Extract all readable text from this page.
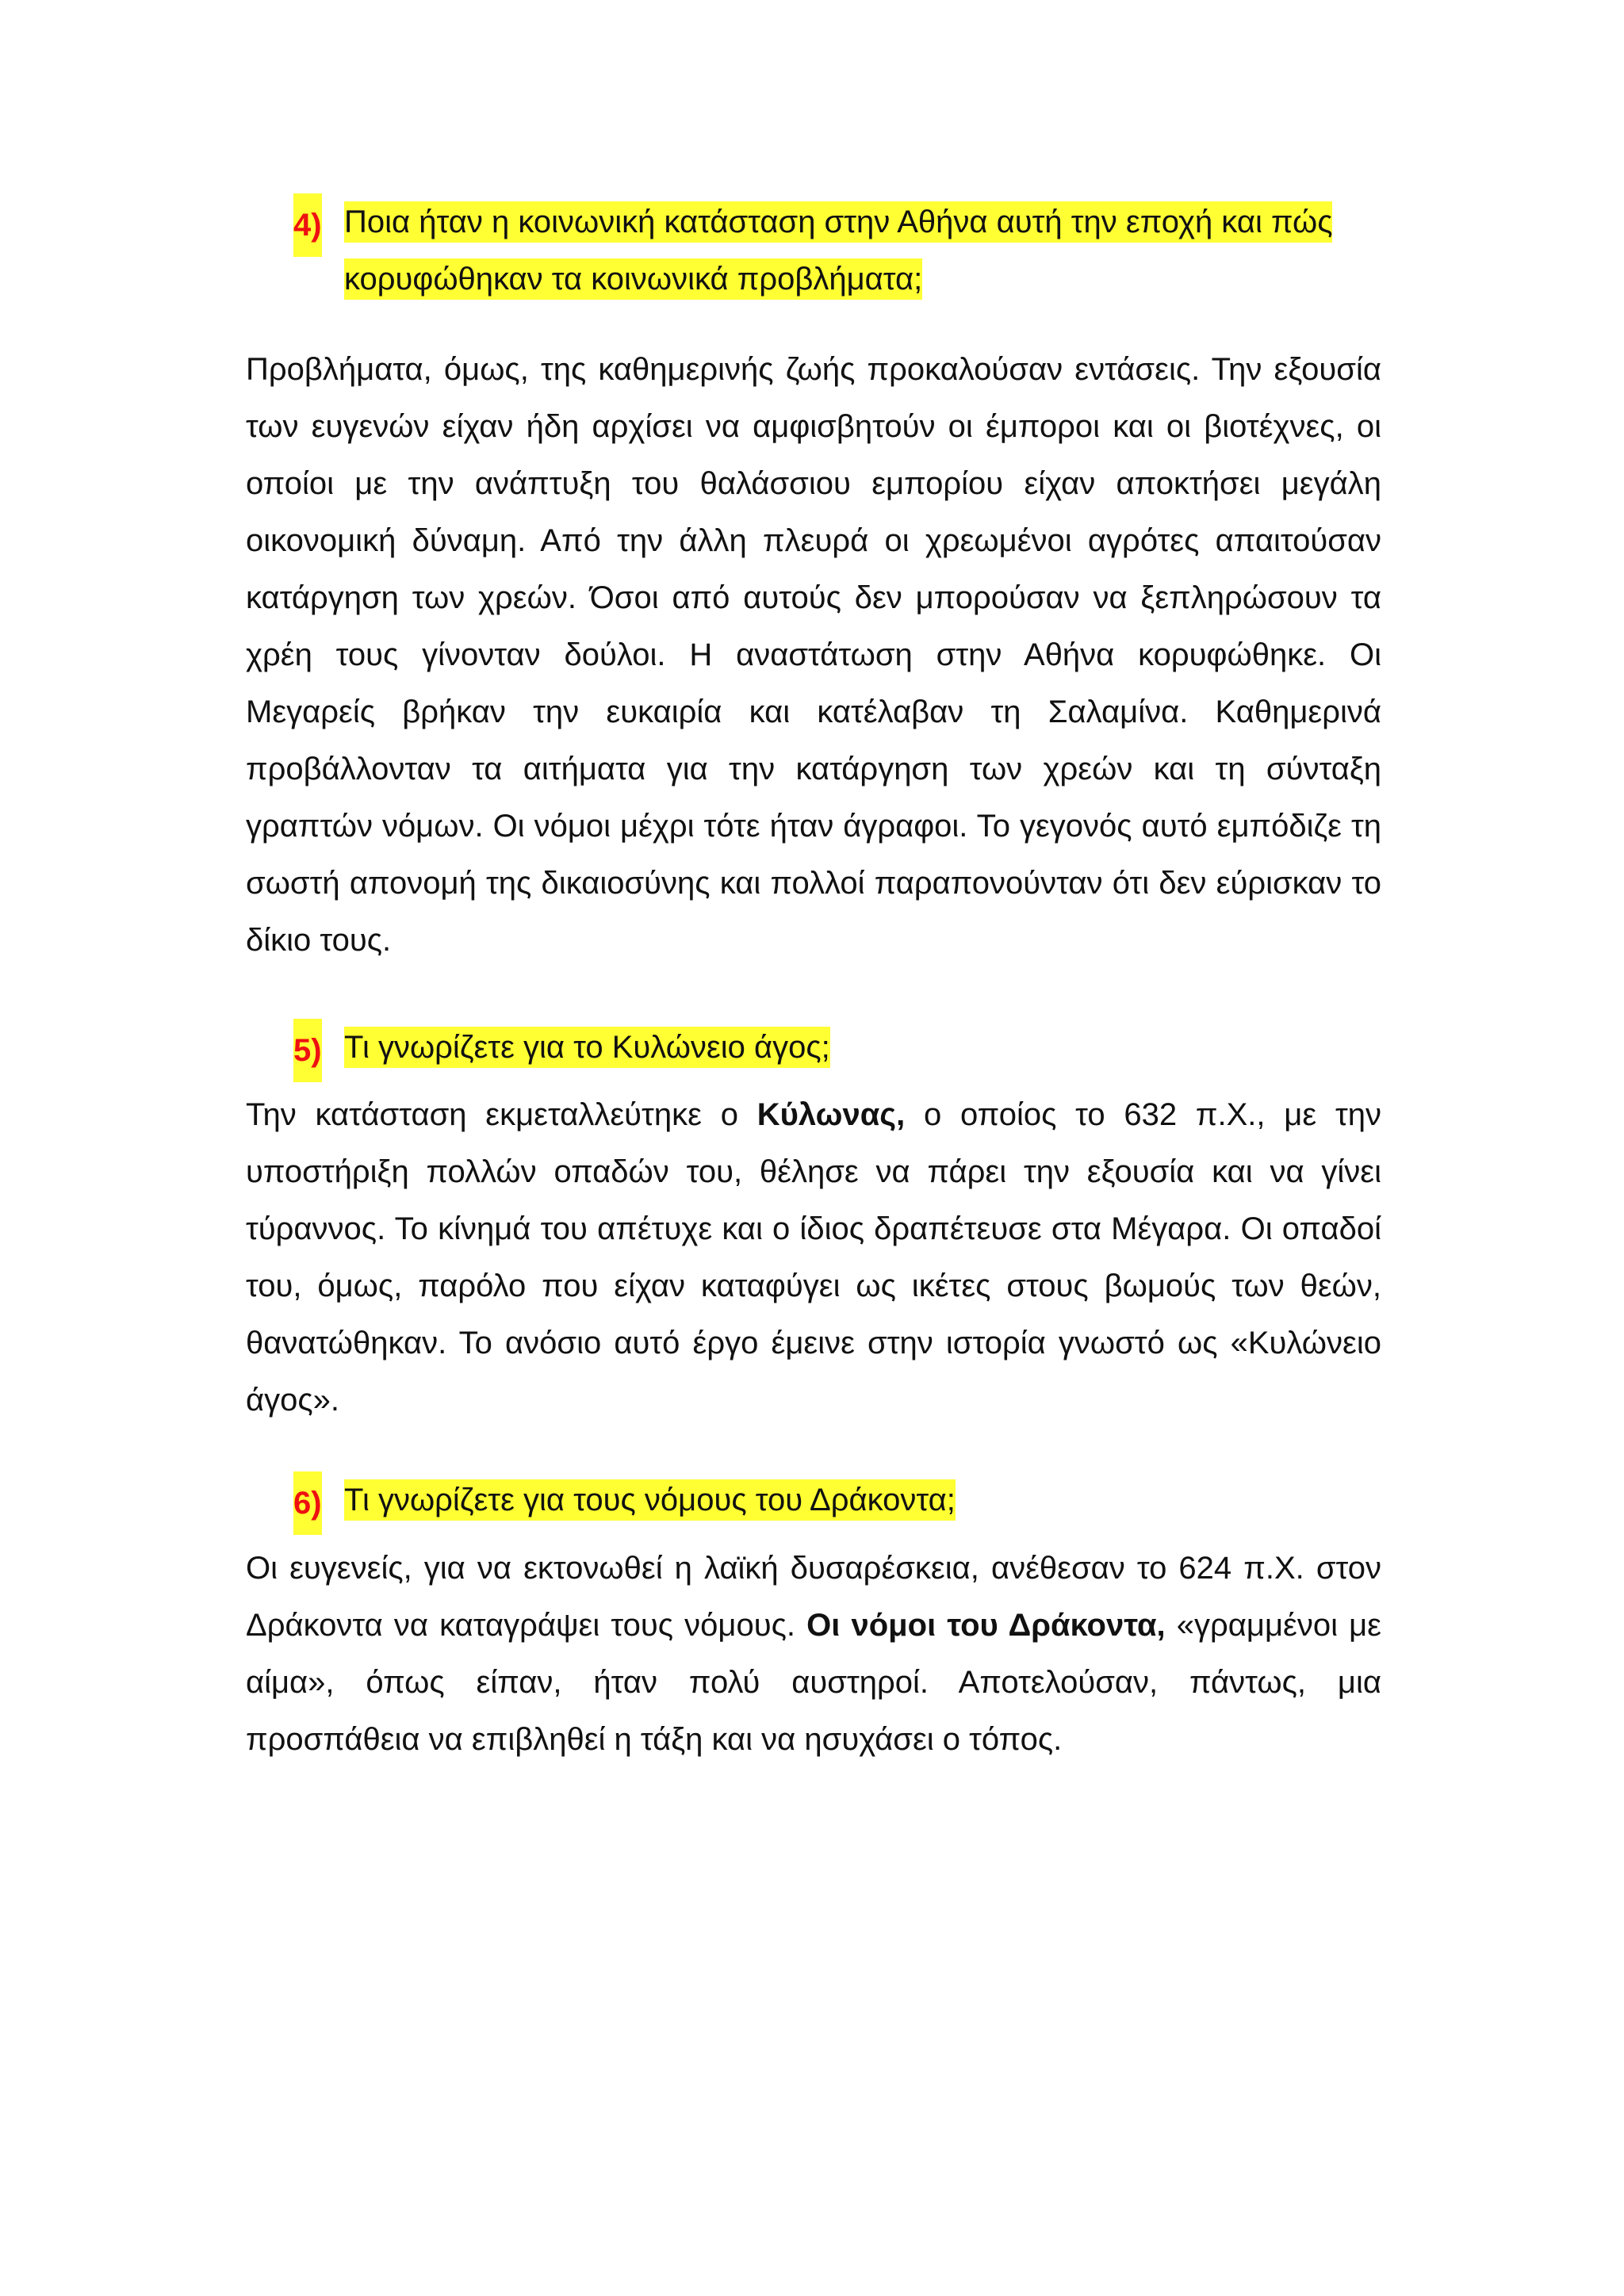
4) Ποια ήταν η κοινωνική κατάσταση στην Αθήνα αυτή την εποχή και πώς κορυφώθηκαν τα κοινωνικά προβλήματα;

Προβλήματα, όμως, της καθημερινής ζωής προκαλούσαν εντάσεις. Την εξουσία των ευγενών είχαν ήδη αρχίσει να αμφισβητούν οι έμποροι και οι βιοτέχνες, οι οποίοι με την ανάπτυξη του θαλάσσιου εμπορίου είχαν αποκτήσει μεγάλη οικονομική δύναμη. Από την άλλη πλευρά οι χρεωμένοι αγρότες απαιτούσαν κατάργηση των χρεών. Όσοι από αυτούς δεν μπορούσαν να ξεπληρώσουν τα χρέη τους γίνονταν δούλοι. Η αναστάτωση στην Αθήνα κορυφώθηκε. Οι Μεγαρείς βρήκαν την ευκαιρία και κατέλαβαν τη Σαλαμίνα. Καθημερινά προβάλλονταν τα αιτήματα για την κατάργηση των χρεών και τη σύνταξη γραπτών νόμων. Οι νόμοι μέχρι τότε ήταν άγραφοι. Το γεγονός αυτό εμπόδιζε τη σωστή απονομή της δικαιοσύνης και πολλοί παραπονούνταν ότι δεν εύρισκαν το δίκιο τους.

5) Τι γνωρίζετε για το Κυλώνειο άγος;

Την κατάσταση εκμεταλλεύτηκε ο Κύλωνας, ο οποίος το 632 π.Χ., με την υποστήριξη πολλών οπαδών του, θέλησε να πάρει την εξουσία και να γίνει τύραννος. Το κίνημά του απέτυχε και ο ίδιος δραπέτευσε στα Μέγαρα. Οι οπαδοί του, όμως, παρόλο που είχαν καταφύγει ως ικέτες στους βωμούς των θεών, θανατώθηκαν. Το ανόσιο αυτό έργο έμεινε στην ιστορία γνωστό ως «Κυλώνειο άγος».

6) Τι γνωρίζετε για τους νόμους του Δράκοντα;

Οι ευγενείς, για να εκτονωθεί η λαϊκή δυσαρέσκεια, ανέθεσαν το 624 π.Χ. στον Δράκοντα να καταγράψει τους νόμους. Οι νόμοι του Δράκοντα, «γραμμένοι με αίμα», όπως είπαν, ήταν πολύ αυστηροί. Αποτελούσαν, πάντως, μια προσπάθεια να επιβληθεί η τάξη και να ησυχάσει ο τόπος.
